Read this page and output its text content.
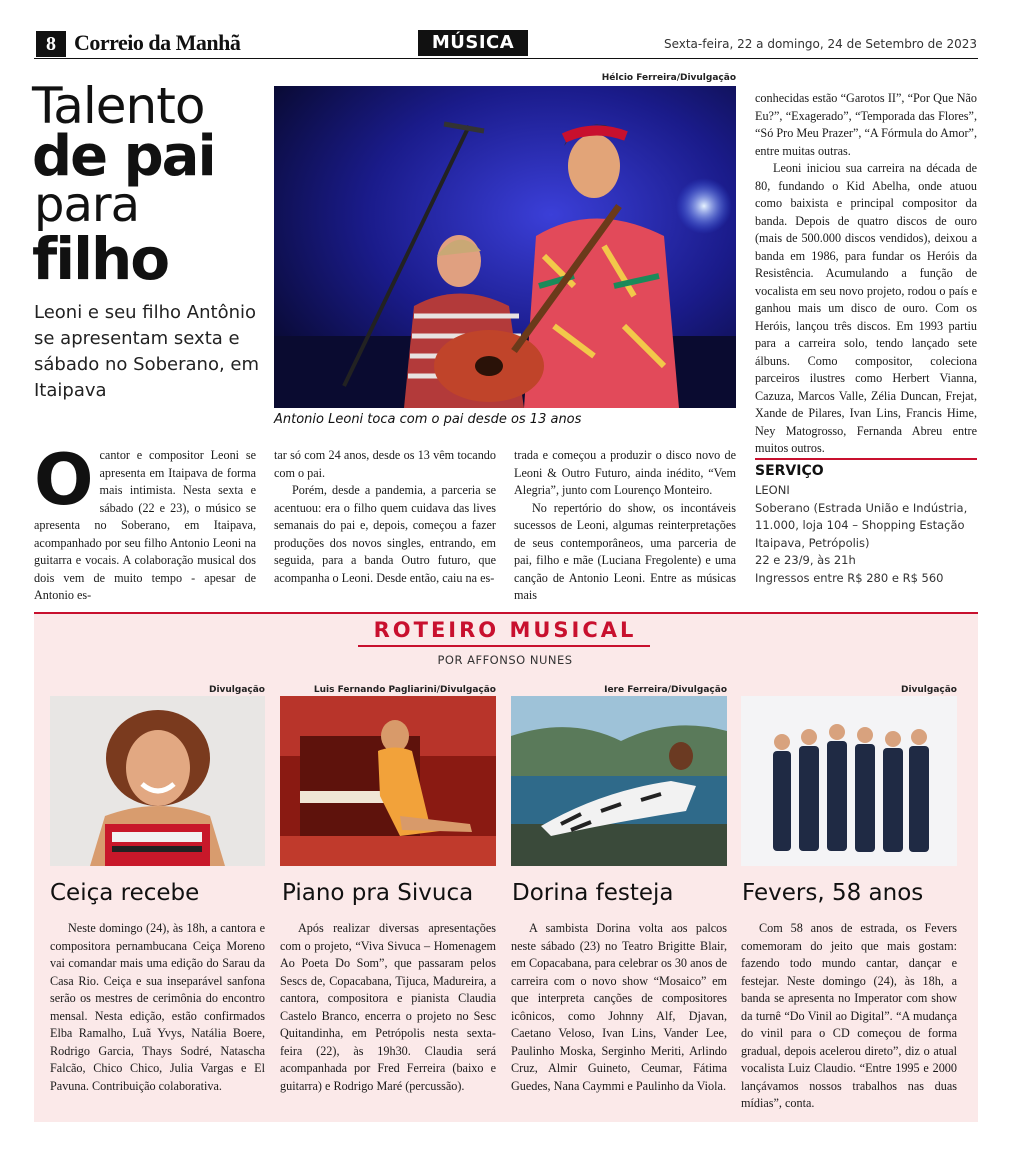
8 Correio da Manhã	MÚSICA	Sexta-feira, 22 a domingo, 24 de Setembro de 2023
Talento
de pai
para
filho
Leoni e seu filho Antônio se apresentam sexta e sábado no Soberano, em Itaipava
Hélcio Ferreira/Divulgação
Antonio Leoni toca com o pai desde os 13 anos
O cantor e compositor Leoni se apresenta em Itaipava de forma mais intimista. Nesta sexta e sábado (22 e 23), o músico se apresenta no Soberano, em Itaipava, acompanhado por seu filho Antonio Leoni na guitarra e vocais. A colaboração musical dos dois vem de muito tempo - apesar de Antonio es-

tar só com 24 anos, desde os 13 vêm tocando com o pai.

Porém, desde a pandemia, a parceria se acentuou: era o filho quem cuidava das lives semanais do pai e, depois, começou a fazer produções dos novos singles, entrando, em seguida, para a banda Outro futuro, que acompanha o Leoni. Desde então, caiu na es-

trada e começou a produzir o disco novo de Leoni & Outro Futuro, ainda inédito, “Vem Alegria”, junto com Lourenço Monteiro.

No repertório do show, os incontáveis sucessos de Leoni, algumas reinterpretações de seus contemporâneos, uma parceria de pai, filho e mãe (Luciana Fregolente) e uma canção de Antonio Leoni. Entre as músicas mais

conhecidas estão “Garotos II”, “Por Que Não Eu?”, “Exagerado”, “Temporada das Flores”, “Só Pro Meu Prazer”, “A Fórmula do Amor”, entre muitas outras.

Leoni iniciou sua carreira na década de 80, fundando o Kid Abelha, onde atuou como baixista e principal compositor da banda. Depois de quatro discos de ouro (mais de 500.000 discos vendidos), deixou a banda em 1986, para fundar os Heróis da Resistência. Acumulando a função de vocalista em seu novo projeto, rodou o país e ganhou mais um disco de ouro. Com os Heróis, lançou três discos. Em 1993 partiu para a carreira solo, tendo lançado sete álbuns. Como compositor, coleciona parceiros ilustres como Herbert Vianna, Cazuza, Marcos Valle, Zélia Duncan, Frejat, Xande de Pilares, Ivan Lins, Francis Hime, Ney Matogrosso, Fernanda Abreu entre muitos outros.

SERVIÇO
LEONI
Soberano (Estrada União e Indústria, 11.000, loja 104 – Shopping Estação Itaipava, Petrópolis)
22 e 23/9, às 21h
Ingressos entre R$ 280 e R$ 560
ROTEIRO MUSICAL
POR AFFONSO NUNES
Divulgação
Ceiça recebe

Neste domingo (24), às 18h, a cantora e compositora pernambucana Ceiça Moreno vai comandar mais uma edição do Sarau da Casa Rio. Ceiça e sua inseparável sanfona serão os mestres de cerimônia do encontro mensal. Nesta edição, estão confirmados Elba Ramalho, Luã Yvys, Natália Boere, Rodrigo Garcia, Thays Sodré, Natascha Falcão, Chico Chico, Julia Vargas e El Pavuna. Contribuição colaborativa.

Luis Fernando Pagliarini/Divulgação
Piano pra Sivuca

Após realizar diversas apresentações com o projeto, “Viva Sivuca – Homenagem Ao Poeta Do Som”, que passaram pelos Sescs de, Copacabana, Tijuca, Madureira, a cantora, compositora e pianista Claudia Castelo Branco, encerra o projeto no Sesc Quitandinha, em Petrópolis nesta sexta-feira (22), às 19h30. Claudia será acompanhada por Fred Ferreira (baixo e guitarra) e Rodrigo Maré (percussão).

Iere Ferreira/Divulgação
Dorina festeja

A sambista Dorina volta aos palcos neste sábado (23) no Teatro Brigitte Blair, em Copacabana, para celebrar os 30 anos de carreira com o novo show “Mosaico” em que interpreta canções de compositores icônicos, como Johnny Alf, Djavan, Caetano Veloso, Ivan Lins, Vander Lee, Paulinho Moska, Serginho Meriti, Arlindo Cruz, Almir Guineto, Ceumar, Fátima Guedes, Nana Caymmi e Paulinho da Viola.

Divulgação
Fevers, 58 anos

Com 58 anos de estrada, os Fevers comemoram do jeito que mais gostam: fazendo todo mundo cantar, dançar e festejar. Neste domingo (24), às 18h, a banda se apresenta no Imperator com show da turnê “Do Vinil ao Digital”. “A mudança do vinil para o CD começou de forma gradual, depois acelerou direto”, diz o atual vocalista Luiz Claudio. “Entre 1995 e 2000 lançávamos nossos trabalhos nas duas mídias”, conta.
